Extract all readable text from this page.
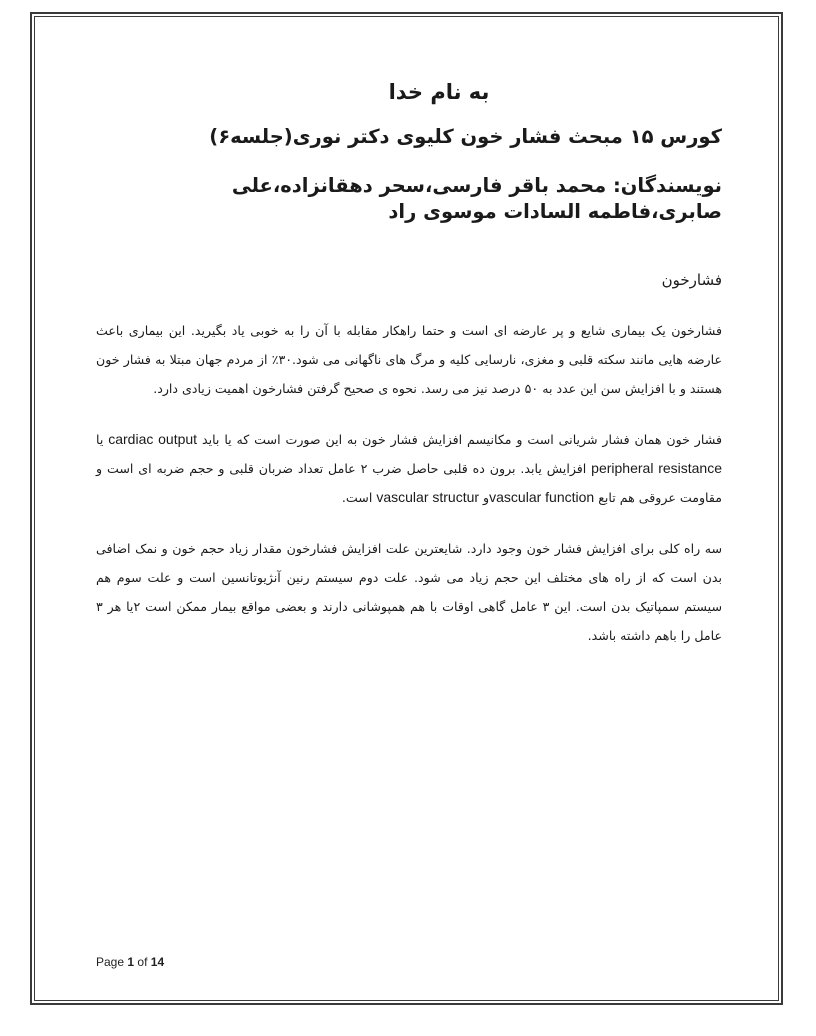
به نام خدا

کورس ۱۵ مبحث فشار خون کلیوی دکتر نوری(جلسه۶)

نویسندگان: محمد باقر فارسی،سحر دهقانزاده،علی صابری،فاطمه السادات موسوی راد

فشارخون

فشارخون یک بیماری شایع و پر عارضه ای است و حتما راهکار مقابله با آن را به خوبی یاد بگیرید. این بیماری باعث عارضه هایی مانند سکته قلبی و مغزی، نارسایی کلیه و مرگ های ناگهانی می شود.۳۰٪ از مردم جهان مبتلا به فشار خون هستند و با افزایش سن این عدد به ۵۰ درصد نیز می رسد. نحوه ی صحیح گرفتن فشارخون اهمیت زیادی دارد.

فشار خون همان فشار شریانی است و مکانیسم افزایش فشار خون به این صورت است که یا باید cardiac output یا peripheral resistance افزایش یابد. برون ده قلبی حاصل ضرب ۲ عامل تعداد ضربان قلبی و حجم ضربه ای است و مقاومت عروقی هم تابع vascular functionو vascular structur است.

سه راه کلی برای افزایش فشار خون وجود دارد. شایعترین علت افزایش فشارخون مقدار زیاد حجم خون و نمک اضافی بدن است که از راه های مختلف این حجم زیاد می شود. علت دوم سیستم رنین آنژیوتانسین است و علت سوم هم سیستم سمپاتیک بدن است. این ۳ عامل گاهی اوقات با هم همپوشانی دارند و بعضی مواقع بیمار ممکن است ۲یا هر ۳ عامل را باهم داشته باشد.

Page 1 of 14
